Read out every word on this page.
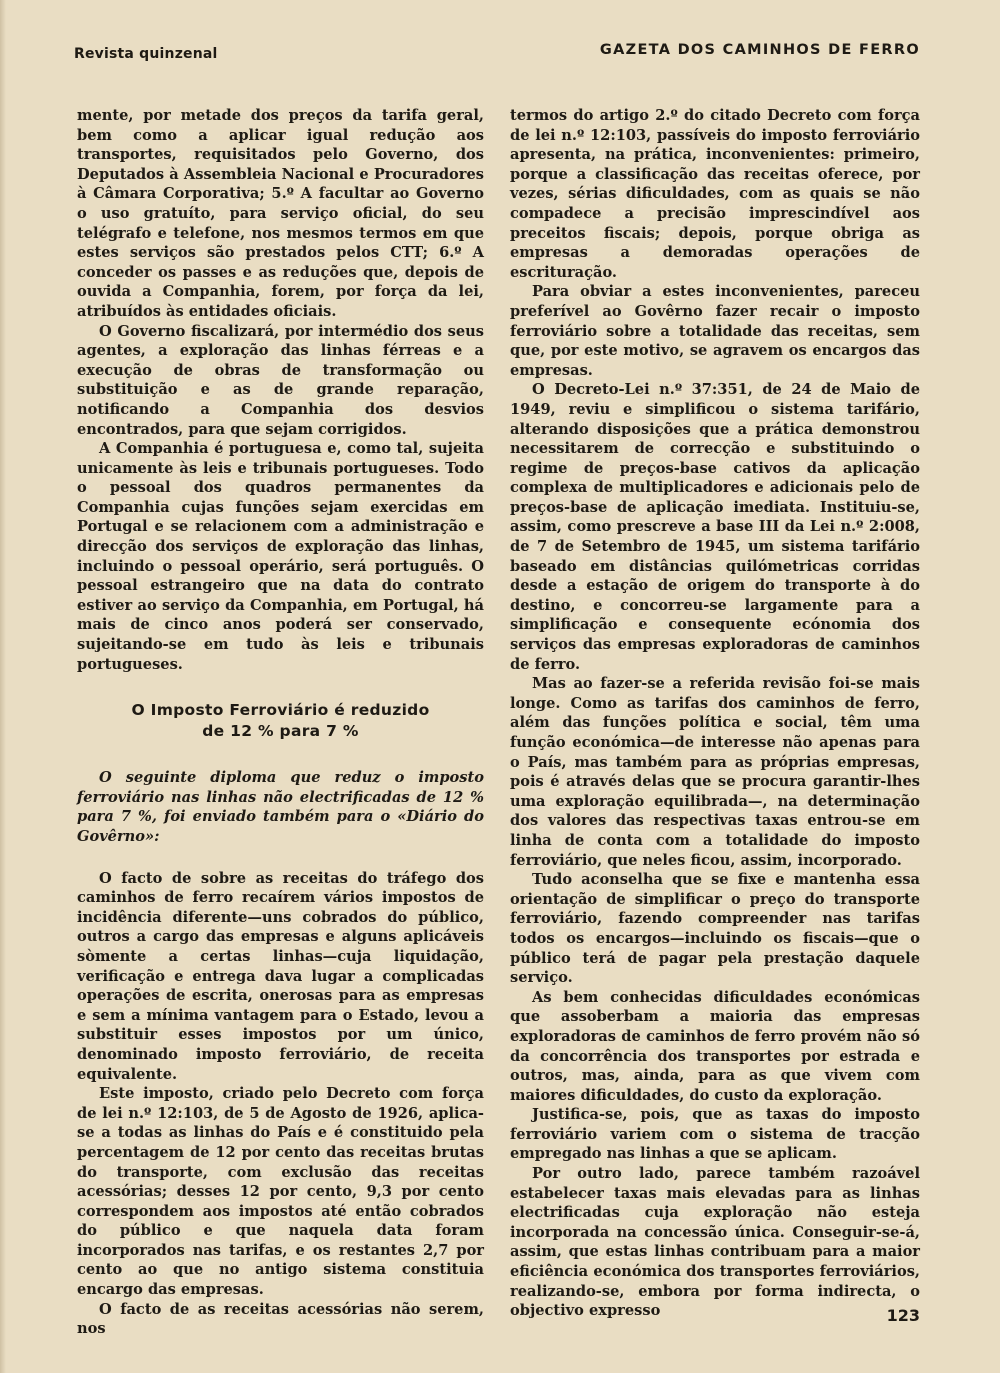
Revista quinzenal	GAZETA DOS CAMINHOS DE FERRO

mente, por metade dos preços da tarifa geral, bem como a aplicar igual redução aos transportes, requisitados pelo Governo, dos Deputados à Assembleia Nacional e Procuradores à Câmara Corporativa; 5.º A facultar ao Governo o uso gratuíto, para serviço oficial, do seu telégrafo e telefone, nos mesmos termos em que estes serviços são prestados pelos CTT; 6.º A conceder os passes e as reduções que, depois de ouvida a Companhia, forem, por força da lei, atribuídos às entidades oficiais.

O Governo fiscalizará, por intermédio dos seus agentes, a exploração das linhas férreas e a execução de obras de transformação ou substituição e as de grande reparação, notificando a Companhia dos desvios encontrados, para que sejam corrigidos.

A Companhia é portuguesa e, como tal, sujeita unicamente às leis e tribunais portugueses. Todo o pessoal dos quadros permanentes da Companhia cujas funções sejam exercidas em Portugal e se relacionem com a administração e direcção dos serviços de exploração das linhas, incluindo o pessoal operário, será português. O pessoal estrangeiro que na data do contrato estiver ao serviço da Companhia, em Portugal, há mais de cinco anos poderá ser conservado, sujeitando-se em tudo às leis e tribunais portugueses.

O Imposto Ferroviário é reduzido
de 12 % para 7 %

O seguinte diploma que reduz o imposto ferroviário nas linhas não electrificadas de 12 % para 7 %, foi enviado também para o «Diário do Govêrno»:

O facto de sobre as receitas do tráfego dos caminhos de ferro recaírem vários impostos de incidência diferente—uns cobrados do público, outros a cargo das empresas e alguns aplicáveis sòmente a certas linhas—cuja liquidação, verificação e entrega dava lugar a complicadas operações de escrita, onerosas para as empresas e sem a mínima vantagem para o Estado, levou a substituir esses impostos por um único, denominado imposto ferroviário, de receita equivalente.

Este imposto, criado pelo Decreto com força de lei n.º 12:103, de 5 de Agosto de 1926, aplica-se a todas as linhas do País e é constituido pela percentagem de 12 por cento das receitas brutas do transporte, com exclusão das receitas acessórias; desses 12 por cento, 9,3 por cento correspondem aos impostos até então cobrados do público e que naquela data foram incorporados nas tarifas, e os restantes 2,7 por cento ao que no antigo sistema constituia encargo das empresas.

O facto de as receitas acessórias não serem, nos

termos do artigo 2.º do citado Decreto com força de lei n.º 12:103, passíveis do imposto ferroviário apresenta, na prática, inconvenientes: primeiro, porque a classificação das receitas oferece, por vezes, sérias dificuldades, com as quais se não compadece a precisão imprescindível aos preceitos fiscais; depois, porque obriga as empresas a demoradas operações de escrituração.

Para obviar a estes inconvenientes, pareceu preferível ao Govêrno fazer recair o imposto ferroviário sobre a totalidade das receitas, sem que, por este motivo, se agravem os encargos das empresas.

O Decreto-Lei n.º 37:351, de 24 de Maio de 1949, reviu e simplificou o sistema tarifário, alterando disposições que a prática demonstrou necessitarem de correcção e substituindo o regime de preços-base cativos da aplicação complexa de multiplicadores e adicionais pelo de preços-base de aplicação imediata. Instituiu-se, assim, como prescreve a base III da Lei n.º 2:008, de 7 de Setembro de 1945, um sistema tarifário baseado em distâncias quilómetricas corridas desde a estação de origem do transporte à do destino, e concorreu-se largamente para a simplificação e consequente ecónomia dos serviços das empresas exploradoras de caminhos de ferro.

Mas ao fazer-se a referida revisão foi-se mais longe. Como as tarifas dos caminhos de ferro, além das funções política e social, têm uma função económica—de interesse não apenas para o País, mas também para as próprias empresas, pois é através delas que se procura garantir-lhes uma exploração equilibrada—, na determinação dos valores das respectivas taxas entrou-se em linha de conta com a totalidade do imposto ferroviário, que neles ficou, assim, incorporado.

Tudo aconselha que se fixe e mantenha essa orientação de simplificar o preço do transporte ferroviário, fazendo compreender nas tarifas todos os encargos—incluindo os fiscais—que o público terá de pagar pela prestação daquele serviço.

As bem conhecidas dificuldades económicas que assoberbam a maioria das empresas exploradoras de caminhos de ferro provém não só da concorrência dos transportes por estrada e outros, mas, ainda, para as que vivem com maiores dificuldades, do custo da exploração.

Justifica-se, pois, que as taxas do imposto ferroviário variem com o sistema de tracção empregado nas linhas a que se aplicam.

Por outro lado, parece também razoável estabelecer taxas mais elevadas para as linhas electrificadas cuja exploração não esteja incorporada na concessão única. Conseguir-se-á, assim, que estas linhas contribuam para a maior eficiência económica dos transportes ferroviários, realizando-se, embora por forma indirecta, o objectivo expresso	123
